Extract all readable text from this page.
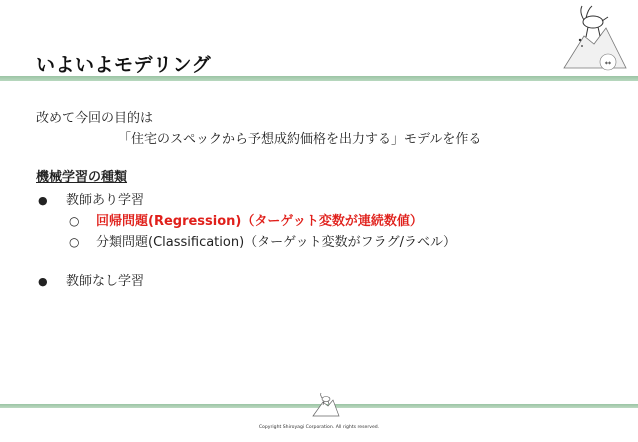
いよいよモデリング	◆◆
改めて今回の目的は
「住宅のスペックから予想成約価格を出力する」モデルを作る
機械学習の種類
● 教師あり学習
○ 回帰問題(Regression)（ターゲット変数が連続数値）
○ 分類問題(Classification)（ターゲット変数がフラグ/ラベル）
● 教師なし学習
Copyright Shiroyagi Corporation. All rights reserved.
